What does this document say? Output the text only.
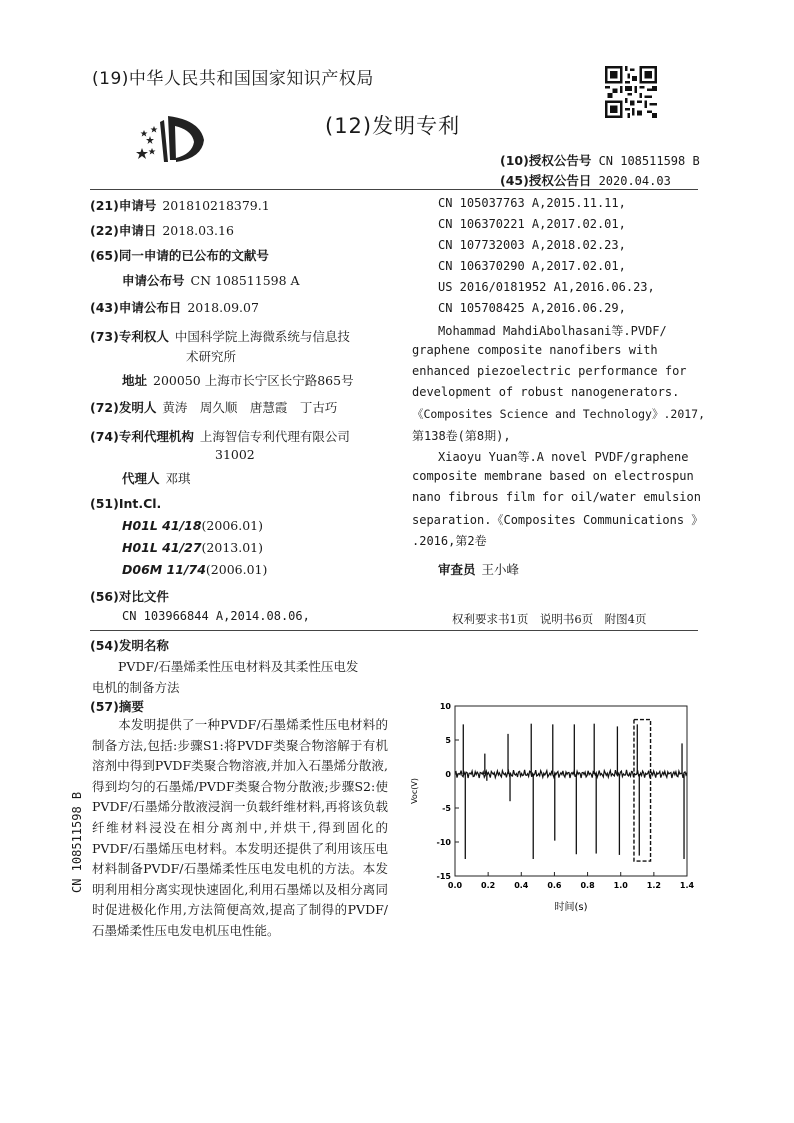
(19)中华人民共和国国家知识产权局
(12)发明专利
(10)授权公告号 CN 108511598 B
(45)授权公告日 2020.04.03
(21)申请号 201810218379.1
(22)申请日 2018.03.16
(65)同一申请的已公布的文献号
申请公布号 CN 108511598 A
(43)申请公布日 2018.09.07
(73)专利权人 中国科学院上海微系统与信息技
术研究所
地址 200050 上海市长宁区长宁路865号
(72)发明人 黄涛　周久顺　唐慧霞　丁古巧
(74)专利代理机构 上海智信专利代理有限公司
31002
代理人 邓琪
(51)Int.Cl.
H01L 41/18(2006.01)
H01L 41/27(2013.01)
D06M 11/74(2006.01)
(56)对比文件
CN 103966844 A,2014.08.06,
CN 105037763 A,2015.11.11,
CN 106370221 A,2017.02.01,
CN 107732003 A,2018.02.23,
CN 106370290 A,2017.02.01,
US 2016/0181952 A1,2016.06.23,
CN 105708425 A,2016.06.29,
Mohammad MahdiAbolhasani等.PVDF/
graphene composite nanofibers with
enhanced piezoelectric performance for
development of robust nanogenerators.
《Composites Science and Technology》.2017,
第138卷(第8期),
Xiaoyu Yuan等.A novel PVDF/graphene
composite membrane based on electrospun
nano fibrous film for oil/water emulsion
separation.《Composites Communications 》
.2016,第2卷
审查员 王小峰
权利要求书1页　说明书6页　附图4页
(54)发明名称
PVDF/石墨烯柔性压电材料及其柔性压电发
电机的制备方法
(57)摘要
本发明提供了一种PVDF/石墨烯柔性压电材料的制备方法,包括:步骤S1:将PVDF类聚合物溶解于有机溶剂中得到PVDF类聚合物溶液,并加入石墨烯分散液,得到均匀的石墨烯/PVDF类聚合物分散液;步骤S2:使PVDF/石墨烯分散液浸润一负载纤维材料,再将该负载纤维材料浸没在相分离剂中,并烘干,得到固化的PVDF/石墨烯压电材料。本发明还提供了利用该压电材料制备PVDF/石墨烯柔性压电发电机的方法。本发明利用相分离实现快速固化,利用石墨烯以及相分离同时促进极化作用,方法简便高效,提高了制得的PVDF/石墨烯柔性压电发电机压电性能。
CN 108511598 B	0.0 0.2 0.4 0.6 0.8 1.0 1.2 1.4
10
5
0
-5
-10
-15
Voc(V)
时间(s)
